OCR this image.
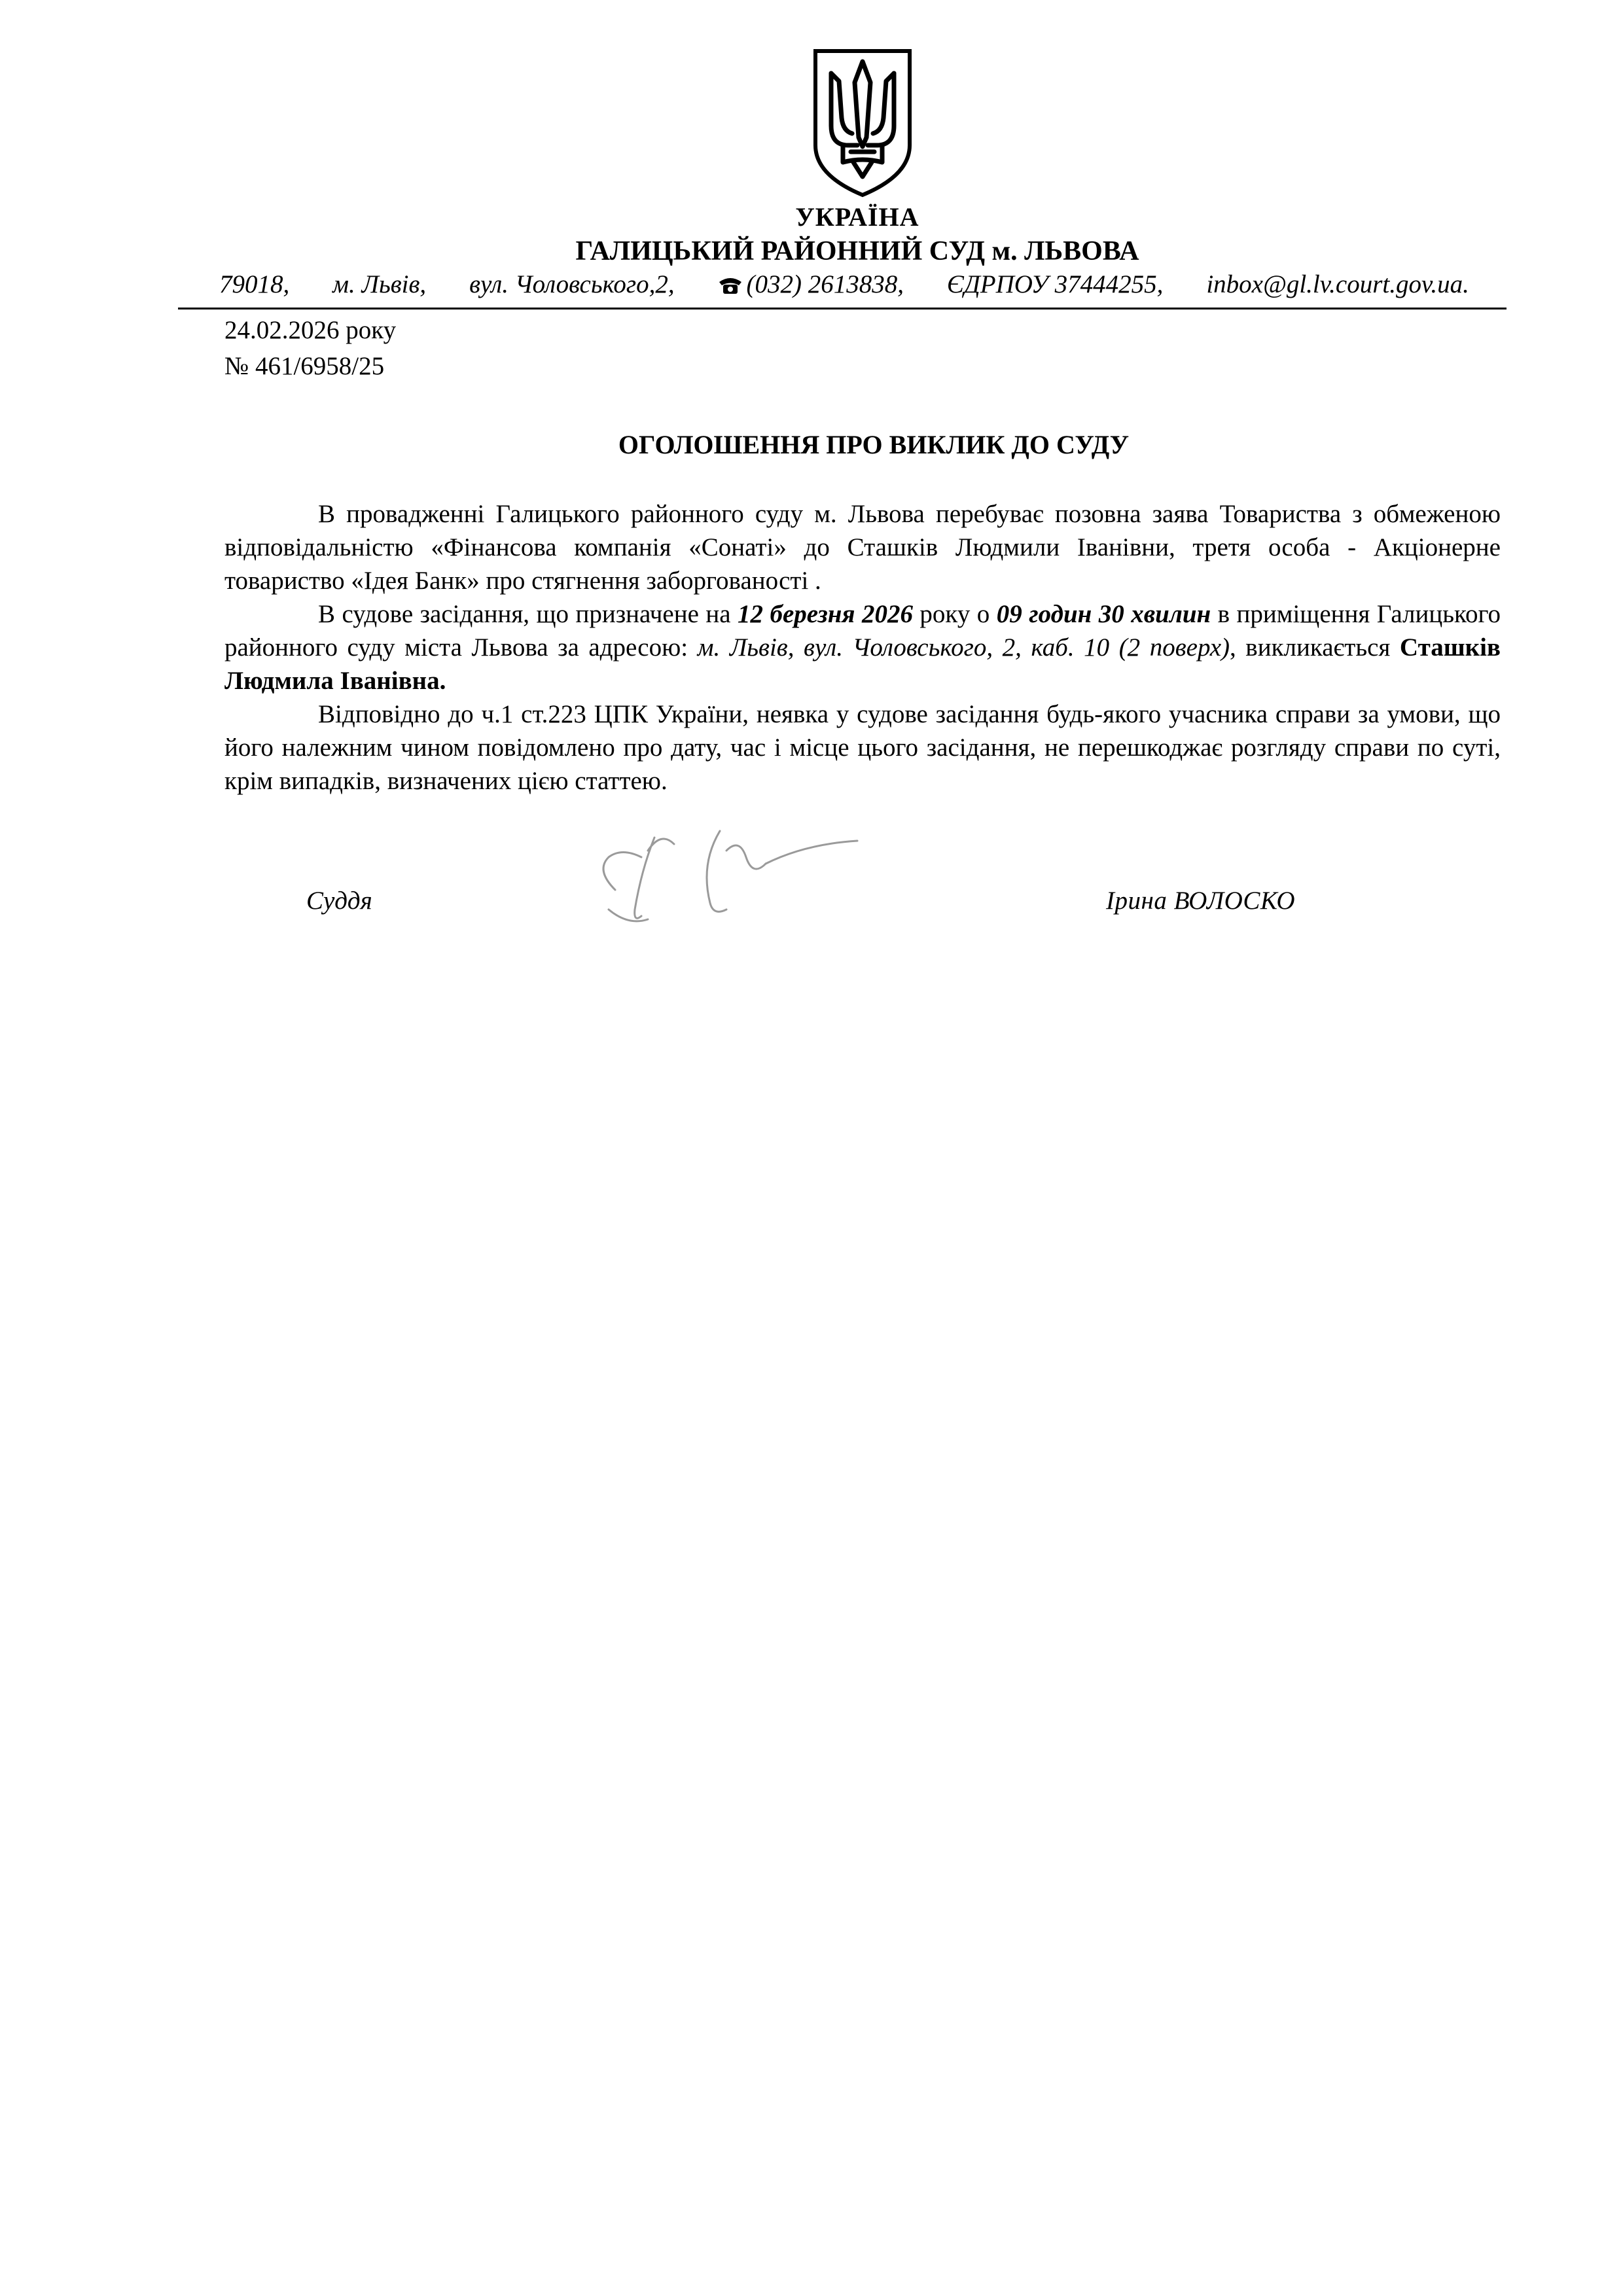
УКРАЇНА
ГАЛИЦЬКИЙ РАЙОННИЙ СУД м. ЛЬВОВА
79018, м. Львів, вул. Чоловського,2,	(032) 2613838, ЄДРПОУ 37444255, inbox@gl.lv.court.gov.ua.
24.02.2026 року
№ 461/6958/25
ОГОЛОШЕННЯ ПРО ВИКЛИК ДО СУДУ

В провадженні Галицького районного суду м. Львова перебуває позовна заява Товариства з обмеженою відповідальністю «Фінансова компанія «Сонаті» до Сташків Людмили Іванівни, третя особа - Акціонерне товариство «Ідея Банк» про стягнення заборгованості .

В судове засідання, що призначене на 12 березня 2026 року о 09 годин 30 хвилин в приміщення Галицького районного суду міста Львова за адресою: м. Львів, вул. Чоловського, 2, каб. 10 (2 поверх), викликається Сташків Людмила Іванівна.

Відповідно до ч.1 ст.223 ЦПК України, неявка у судове засідання будь-якого учасника справи за умови, що його належним чином повідомлено про дату, час і місце цього засідання, не перешкоджає розгляду справи по суті, крім випадків, визначених цією статтею.

Суддя	Ірина ВОЛОСКО
